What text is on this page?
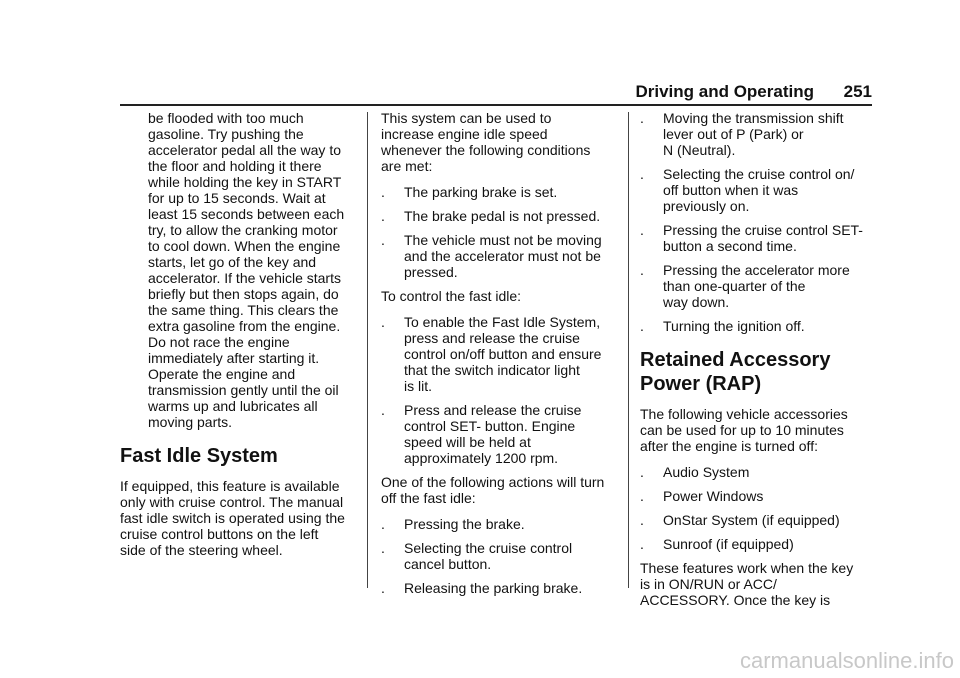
Driving and Operating 251
be flooded with too much
gasoline. Try pushing the
accelerator pedal all the way to
the floor and holding it there
while holding the key in START
for up to 15 seconds. Wait at
least 15 seconds between each
try, to allow the cranking motor
to cool down. When the engine
starts, let go of the key and
accelerator. If the vehicle starts
briefly but then stops again, do
the same thing. This clears the
extra gasoline from the engine.
Do not race the engine
immediately after starting it.
Operate the engine and
transmission gently until the oil
warms up and lubricates all
moving parts.
Fast Idle System
If equipped, this feature is available
only with cruise control. The manual
fast idle switch is operated using the
cruise control buttons on the left
side of the steering wheel.
This system can be used to
increase engine idle speed
whenever the following conditions
are met:
. The parking brake is set.
. The brake pedal is not pressed.
. The vehicle must not be moving
and the accelerator must not be
pressed.
To control the fast idle:
. To enable the Fast Idle System,
press and release the cruise
control on/off button and ensure
that the switch indicator light
is lit.
. Press and release the cruise
control SET- button. Engine
speed will be held at
approximately 1200 rpm.
One of the following actions will turn
off the fast idle:
. Pressing the brake.
. Selecting the cruise control
cancel button.
. Releasing the parking brake.
. Moving the transmission shift
lever out of P (Park) or
N (Neutral).
. Selecting the cruise control on/
off button when it was
previously on.
. Pressing the cruise control SET-
button a second time.
. Pressing the accelerator more
than one-quarter of the
way down.
. Turning the ignition off.
Retained Accessory
Power (RAP)
The following vehicle accessories
can be used for up to 10 minutes
after the engine is turned off:
. Audio System
. Power Windows
. OnStar System (if equipped)
. Sunroof (if equipped)
These features work when the key
is in ON/RUN or ACC/
ACCESSORY. Once the key is
carmanualsonline.info
